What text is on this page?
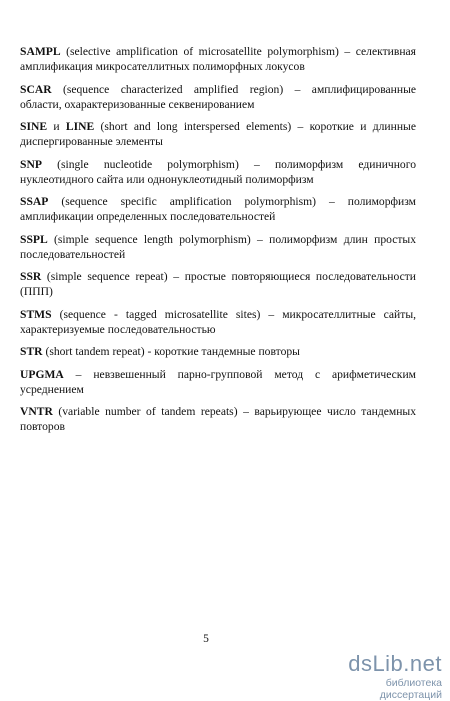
SAMPL (selective amplification of microsatellite polymorphism) – селективная
амплификация микросателлитных полиморфных локусов
SCAR (sequence characterized amplified region) – амплифицированные
области, охарактеризованные секвенированием
SINE и LINE (short and long interspersed elements) – короткие и длинные
диспергированные элементы
SNP (single nucleotide polymorphism) – полиморфизм единичного
нуклеотидного сайта или однонуклеотидный полиморфизм
SSAP (sequence specific amplification polymorphism) – полиморфизм
амплификации определенных последовательностей
SSPL (simple sequence length polymorphism) – полиморфизм длин простых
последовательностей
SSR (simple sequence repeat) – простые повторяющиеся последовательности
(ППП)
STMS (sequence - tagged microsatellite sites) – микросателлитные сайты,
характеризуемые последовательностью
STR (short tandem repeat) - короткие тандемные повторы
UPGMA – невзвешенный парно-групповой метод с арифметическим
усреднением
VNTR (variable number of tandem repeats) – варьирующее число тандемных
повторов
5
dsLib.net
библиотека диссертаций
